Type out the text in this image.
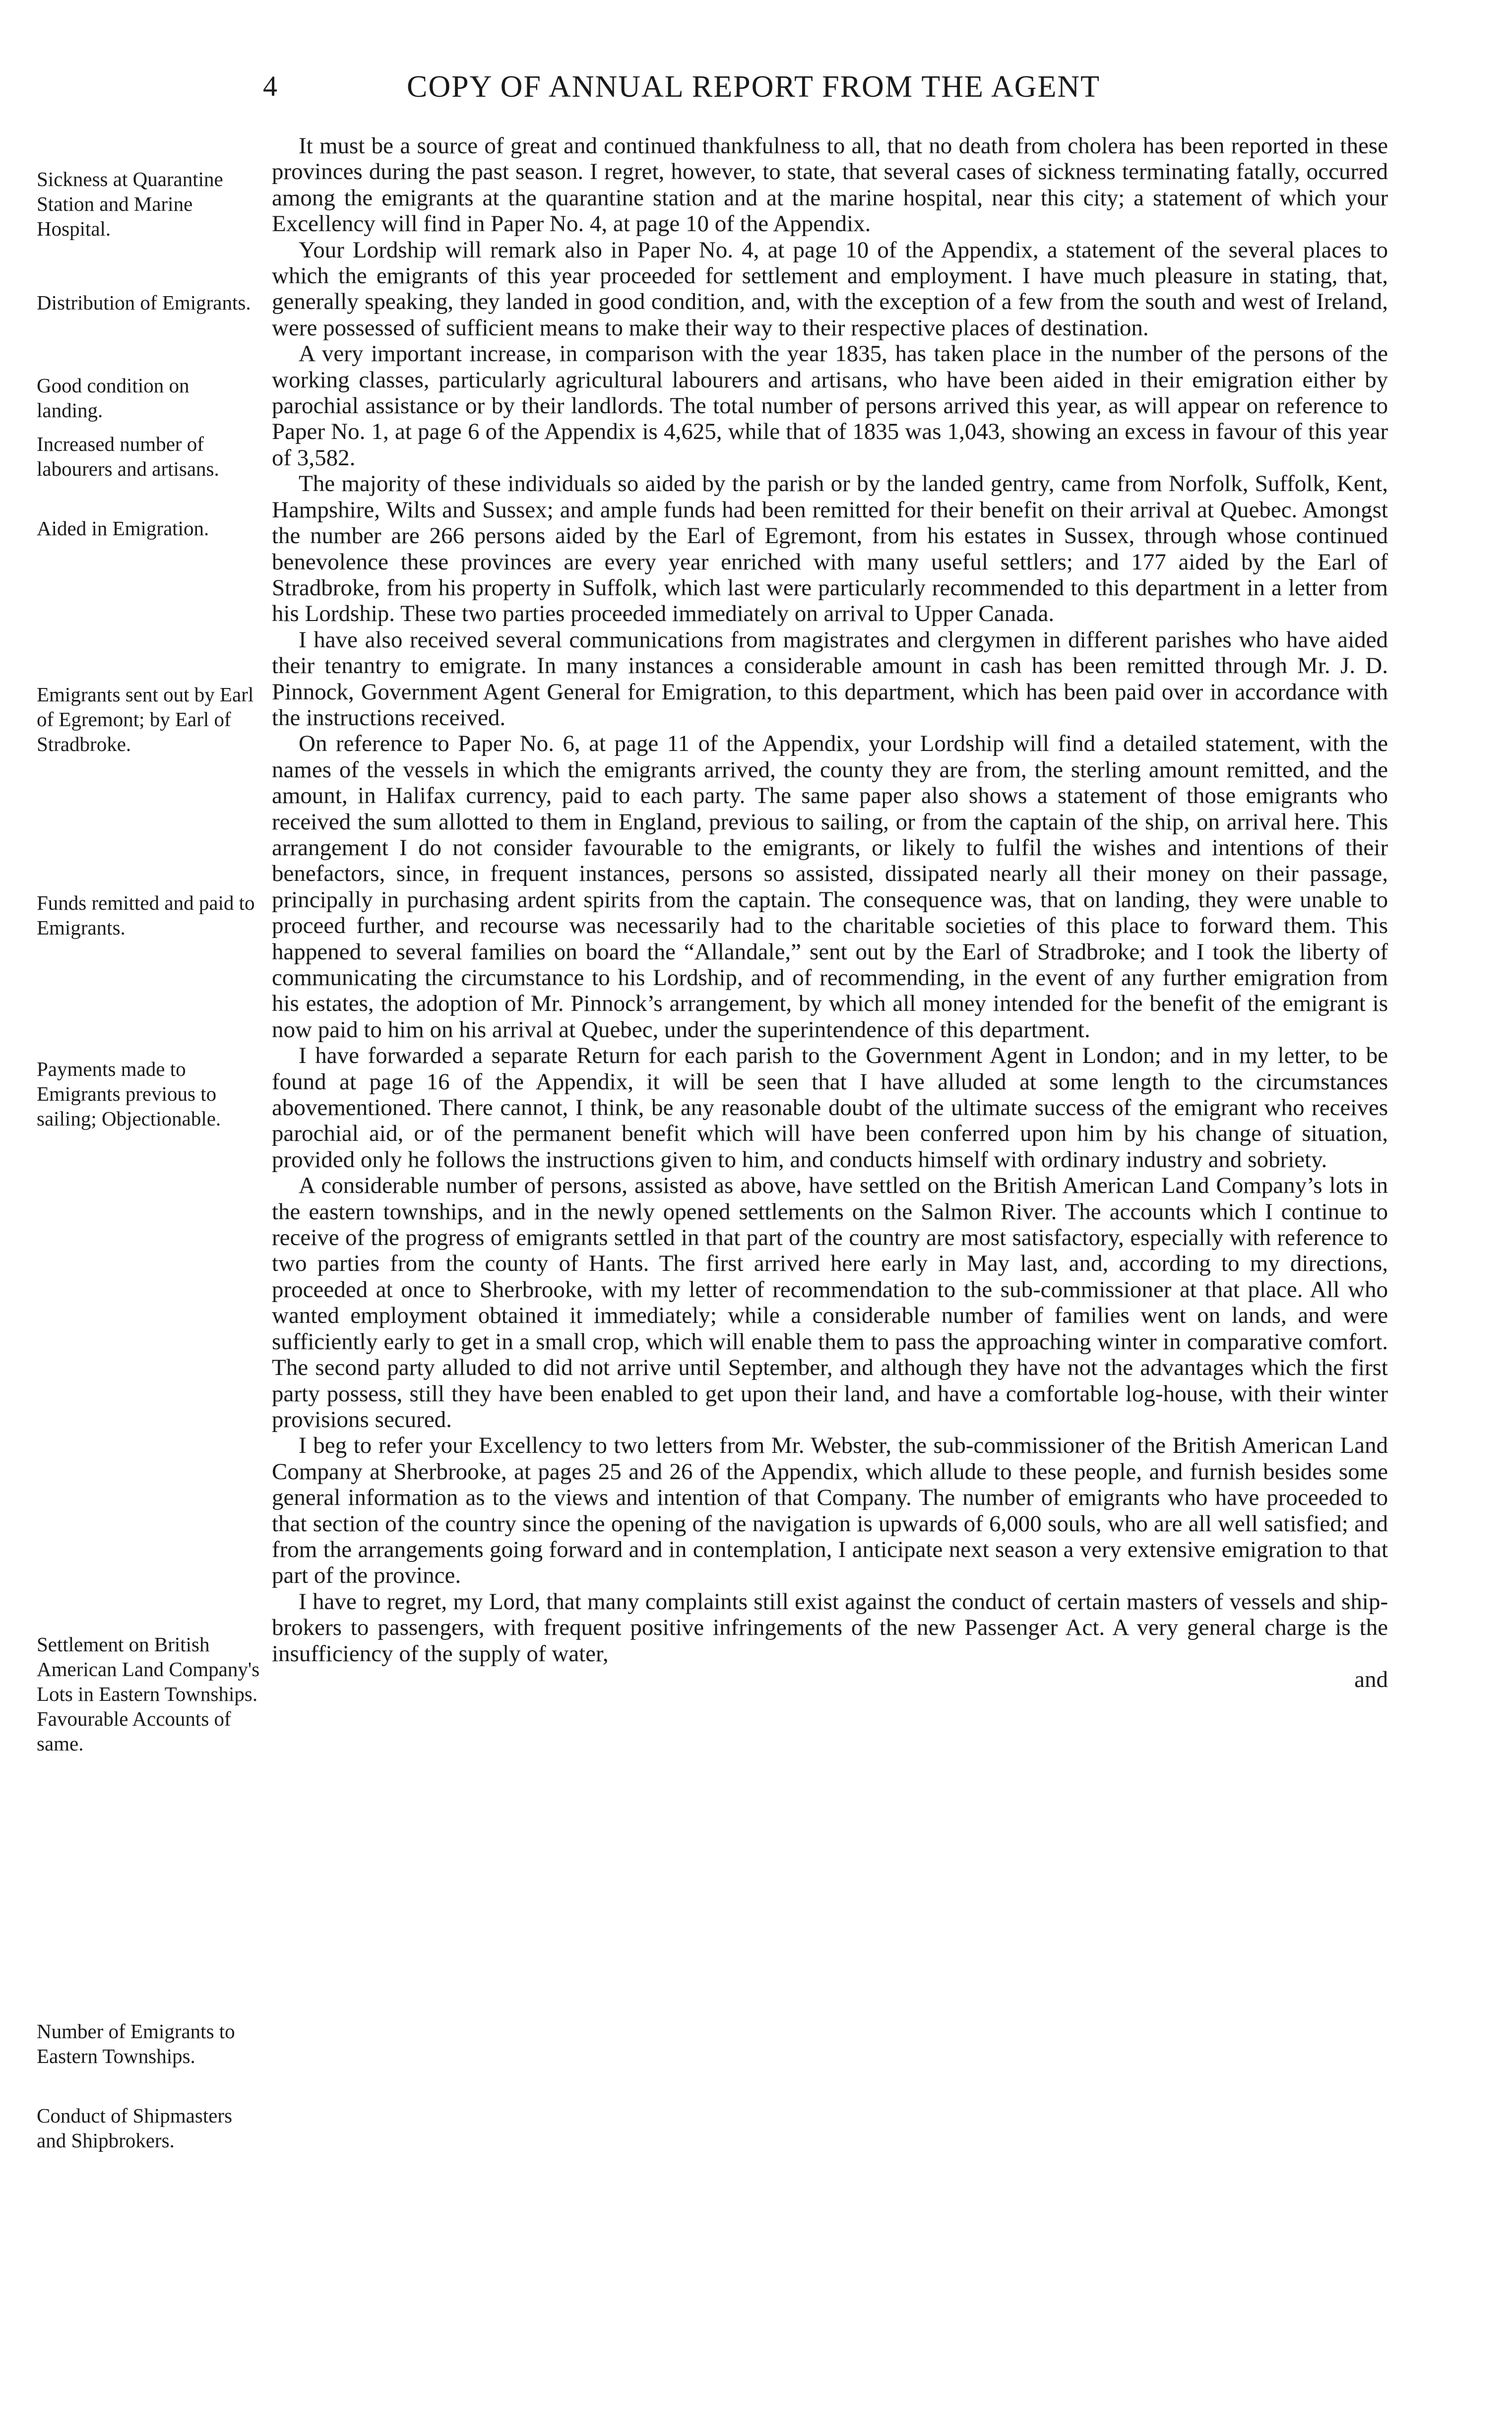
4	COPY OF ANNUAL REPORT FROM THE AGENT
Sickness at Quarantine Station and Marine Hospital.
Distribution of Emigrants.
Good condition on landing.
Increased number of labourers and artisans.
Aided in Emigration.
Emigrants sent out by Earl of Egremont; by Earl of Stradbroke.
Funds remitted and paid to Emigrants.
Payments made to Emigrants previous to sailing; Objectionable.
Settlement on British American Land Company's Lots in Eastern Townships. Favourable Accounts of same.
Number of Emigrants to Eastern Townships.
Conduct of Shipmasters and Shipbrokers.

It must be a source of great and continued thankfulness to all, that no death from cholera has been reported in these provinces during the past season. I regret, however, to state, that several cases of sickness terminating fatally, occurred among the emigrants at the quarantine station and at the marine hospital, near this city; a statement of which your Excellency will find in Paper No. 4, at page 10 of the Appendix.

Your Lordship will remark also in Paper No. 4, at page 10 of the Appendix, a statement of the several places to which the emigrants of this year proceeded for settlement and employment. I have much pleasure in stating, that, generally speaking, they landed in good condition, and, with the exception of a few from the south and west of Ireland, were possessed of sufficient means to make their way to their respective places of destination.

A very important increase, in comparison with the year 1835, has taken place in the number of the persons of the working classes, particularly agricultural labourers and artisans, who have been aided in their emigration either by parochial assistance or by their landlords. The total number of persons arrived this year, as will appear on reference to Paper No. 1, at page 6 of the Appendix is 4,625, while that of 1835 was 1,043, showing an excess in favour of this year of 3,582.

The majority of these individuals so aided by the parish or by the landed gentry, came from Norfolk, Suffolk, Kent, Hampshire, Wilts and Sussex; and ample funds had been remitted for their benefit on their arrival at Quebec. Amongst the number are 266 persons aided by the Earl of Egremont, from his estates in Sussex, through whose continued benevolence these provinces are every year enriched with many useful settlers; and 177 aided by the Earl of Stradbroke, from his property in Suffolk, which last were particularly recommended to this department in a letter from his Lordship. These two parties proceeded immediately on arrival to Upper Canada.

I have also received several communications from magistrates and clergymen in different parishes who have aided their tenantry to emigrate. In many instances a considerable amount in cash has been remitted through Mr. J. D. Pinnock, Government Agent General for Emigration, to this department, which has been paid over in accordance with the instructions received.

On reference to Paper No. 6, at page 11 of the Appendix, your Lordship will find a detailed statement, with the names of the vessels in which the emigrants arrived, the county they are from, the sterling amount remitted, and the amount, in Halifax currency, paid to each party. The same paper also shows a statement of those emigrants who received the sum allotted to them in England, previous to sailing, or from the captain of the ship, on arrival here. This arrangement I do not consider favourable to the emigrants, or likely to fulfil the wishes and intentions of their benefactors, since, in frequent instances, persons so assisted, dissipated nearly all their money on their passage, principally in purchasing ardent spirits from the captain. The consequence was, that on landing, they were unable to proceed further, and recourse was necessarily had to the charitable societies of this place to forward them. This happened to several families on board the “Allandale,” sent out by the Earl of Stradbroke; and I took the liberty of communicating the circumstance to his Lordship, and of recommending, in the event of any further emigration from his estates, the adoption of Mr. Pinnock’s arrangement, by which all money intended for the benefit of the emigrant is now paid to him on his arrival at Quebec, under the superintendence of this department.

I have forwarded a separate Return for each parish to the Government Agent in London; and in my letter, to be found at page 16 of the Appendix, it will be seen that I have alluded at some length to the circumstances abovementioned. There cannot, I think, be any reasonable doubt of the ultimate success of the emigrant who receives parochial aid, or of the permanent benefit which will have been conferred upon him by his change of situation, provided only he follows the instructions given to him, and conducts himself with ordinary industry and sobriety.

A considerable number of persons, assisted as above, have settled on the British American Land Company’s lots in the eastern townships, and in the newly opened settlements on the Salmon River. The accounts which I continue to receive of the progress of emigrants settled in that part of the country are most satisfactory, especially with reference to two parties from the county of Hants. The first arrived here early in May last, and, according to my directions, proceeded at once to Sherbrooke, with my letter of recommendation to the sub-commissioner at that place. All who wanted employment obtained it immediately; while a considerable number of families went on lands, and were sufficiently early to get in a small crop, which will enable them to pass the approaching winter in comparative comfort. The second party alluded to did not arrive until September, and although they have not the advantages which the first party possess, still they have been enabled to get upon their land, and have a comfortable log-house, with their winter provisions secured.

I beg to refer your Excellency to two letters from Mr. Webster, the sub-commissioner of the British American Land Company at Sherbrooke, at pages 25 and 26 of the Appendix, which allude to these people, and furnish besides some general information as to the views and intention of that Company. The number of emigrants who have proceeded to that section of the country since the opening of the navigation is upwards of 6,000 souls, who are all well satisfied; and from the arrangements going forward and in contemplation, I anticipate next season a very extensive emigration to that part of the province.

I have to regret, my Lord, that many complaints still exist against the conduct of certain masters of vessels and ship-brokers to passengers, with frequent positive infringements of the new Passenger Act. A very general charge is the insufficiency of the supply of water,

and
